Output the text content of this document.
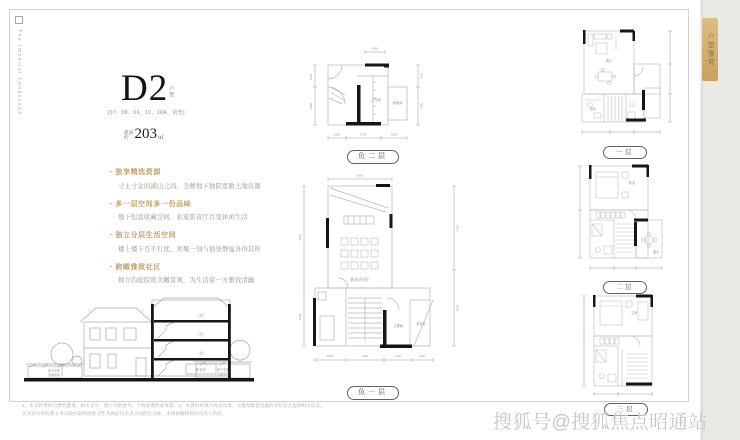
The Imperial Landscape	户型鉴赏
D2 户型
[07、08、09、10、10A、别墅]
建面
约 203 ㎡
▪ 独享精选资源
寸土寸金的湖山之间，全赠地下独院宽敞土地资源
▪ 多一层空间多一份品味
地下恒温收藏空间，私家影音厅百变休闲生活
▪ 独立分层生活空间
楼上楼下互不打扰，欢聚一刻与独处静谧各得其所
▪ 俯瞰雅致社区
独立的庭院绝美瞰景观，为生活留一方雅致清幽
三层
二层
一层
影音厅
地下车库
设备用房
地下车库
设备用房
3600
1500
6600
1200
4800
1900	3700	1800
工作间
设备间
负二层
5000
6900
4200
5400
4500
2500	3400	1700	1400
影音活动厅
上楼间	采光井
负一层
客厅
厨房
一层
卧室
露台
二层
主卧
三层
1、本宣传资料为要约邀请，相关文字、图片仅供参考，不构成要约或承诺；2、本资料对项目周边环境、交通及配套设施的介绍旨在提供相关信息。
买卖双方的权利义务以政府最终批准文件及商品房买卖合同约定为准，本资料解释权归出卖人所有。	搜狐号@搜狐焦点昭通站
